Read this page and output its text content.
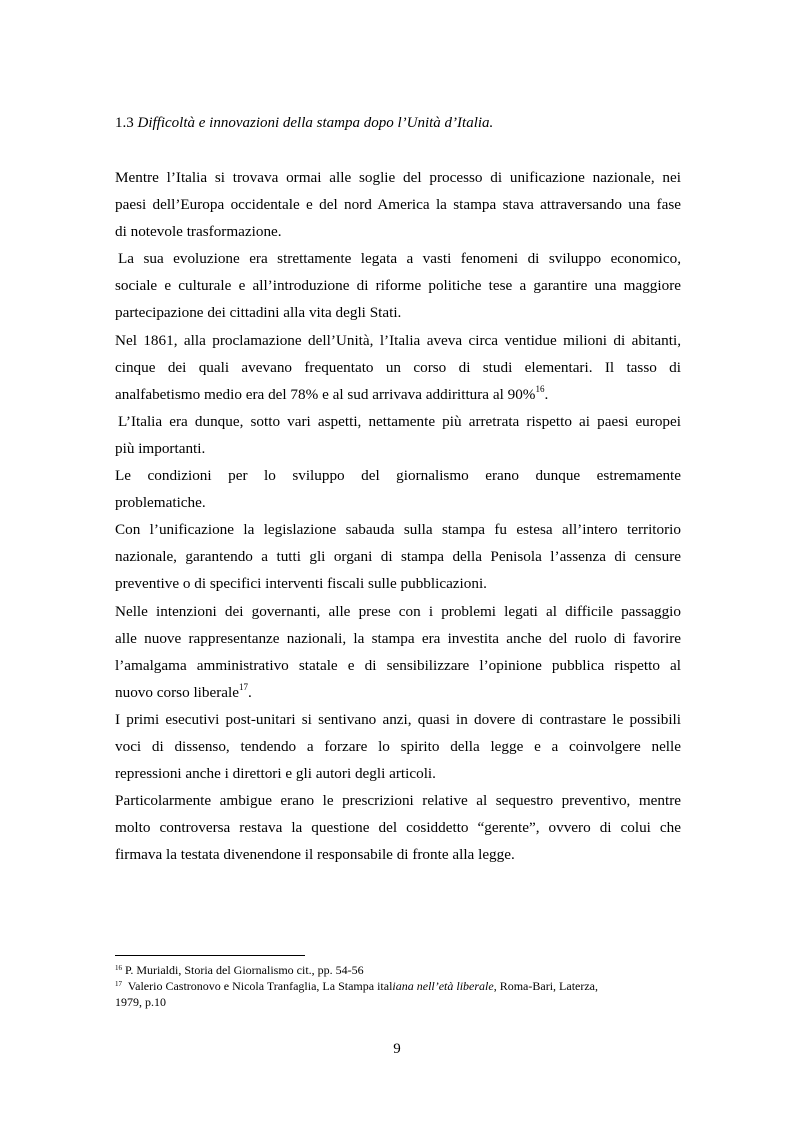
1.3 Difficoltà e innovazioni della stampa dopo l’Unità d’Italia.
Mentre l’Italia si trovava ormai alle soglie del processo di unificazione nazionale, nei
paesi dell’Europa occidentale e del nord America la stampa stava attraversando una fase
di notevole trasformazione.
La sua evoluzione era strettamente legata a vasti fenomeni di sviluppo economico,
sociale e culturale e all’introduzione di riforme politiche tese a garantire una maggiore
partecipazione dei cittadini alla vita degli Stati.
Nel 1861, alla proclamazione dell’Unità, l’Italia aveva circa ventidue milioni di abitanti,
cinque dei quali avevano frequentato un corso di studi elementari. Il tasso di
analfabetismo medio era del 78% e al sud arrivava addirittura al 90%$^{16}$.
L’Italia era dunque, sotto vari aspetti, nettamente più arretrata rispetto ai paesi europei
più importanti.
Le condizioni per lo sviluppo del giornalismo erano dunque estremamente
problematiche.
Con l’unificazione la legislazione sabauda sulla stampa fu estesa all’intero territorio
nazionale, garantendo a tutti gli organi di stampa della Penisola l’assenza di censure
preventive o di specifici interventi fiscali sulle pubblicazioni.
Nelle intenzioni dei governanti, alle prese con i problemi legati al difficile passaggio
alle nuove rappresentanze nazionali, la stampa era investita anche del ruolo di favorire
l’amalgama amministrativo statale e di sensibilizzare l’opinione pubblica rispetto al
nuovo corso liberale$^{17}$.
I primi esecutivi post-unitari si sentivano anzi, quasi in dovere di contrastare le possibili
voci di dissenso, tendendo a forzare lo spirito della legge e a coinvolgere nelle
repressioni anche i direttori e gli autori degli articoli.
Particolarmente ambigue erano le prescrizioni relative al sequestro preventivo, mentre
molto controversa restava la questione del cosiddetto “gerente”, ovvero di colui che
firmava la testata divenendone il responsabile di fronte alla legge.
$^{16}$ P. Murialdi, Storia del Giornalismo cit., pp. 54-56
$^{17}$ Valerio Castronovo e Nicola Tranfaglia, La Stampa italiana nell’età liberale, Roma-Bari, Laterza,
1979, p.10
9
